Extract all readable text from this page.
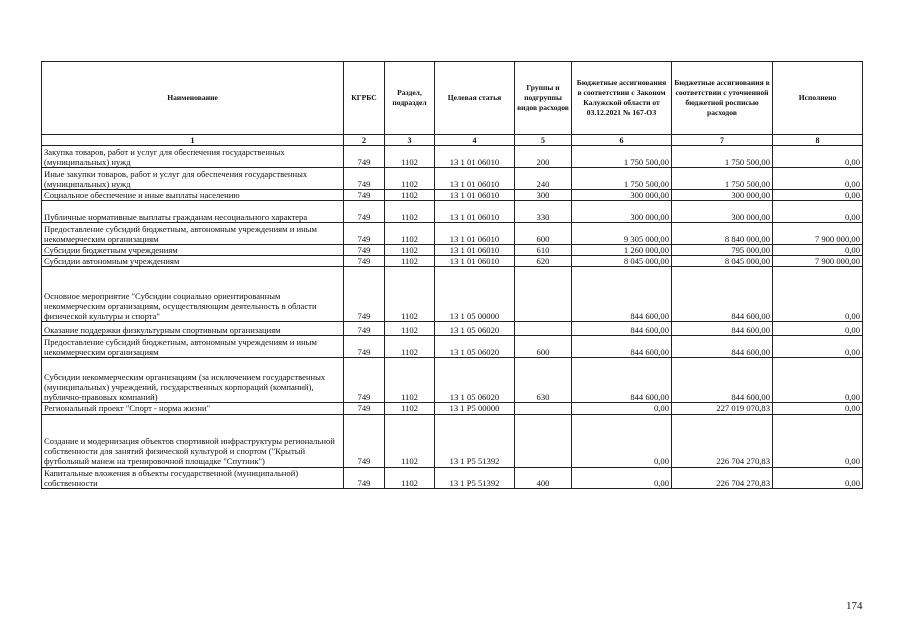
Наименование	КГРБС	Раздел, подраздел	Целевая статья	Группы и подгруппы видов расходов	Бюджетные ассигнования в соответствии с Законом Калужской области от 03.12.2021 № 167-ОЗ	Бюджетные ассигнования в соответствии с уточненной бюджетной росписью расходов	Исполнено
1	2	3	4	5	6	7	8
Закупка товаров, работ и услуг для обеспечения государственных (муниципальных) нужд	749	1102	13 1 01 06010	200	1 750 500,00	1 750 500,00	0,00
Иные закупки товаров, работ и услуг для обеспечения государственных (муниципальных) нужд	749	1102	13 1 01 06010	240	1 750 500,00	1 750 500,00	0,00
Социальное обеспечение и иные выплаты населению	749	1102	13 1 01 06010	300	300 000,00	300 000,00	0,00
Публичные нормативные выплаты гражданам несоциального характера	749	1102	13 1 01 06010	330	300 000,00	300 000,00	0,00
Предоставление субсидий бюджетным, автономным учреждениям и иным некоммерческим организациям	749	1102	13 1 01 06010	600	9 305 000,00	8 840 000,00	7 900 000,00
Субсидии бюджетным учреждениям	749	1102	13 1 01 06010	610	1 260 000,00	795 000,00	0,00
Субсидии автономным учреждениям	749	1102	13 1 01 06010	620	8 045 000,00	8 045 000,00	7 900 000,00
Основное мероприятие "Субсидии социально ориентированным некоммерческим организациям, осуществляющим деятельность в области физической культуры и спорта"	749	1102	13 1 05 00000		844 600,00	844 600,00	0,00
Оказание поддержки физкультурным спортивным организациям	749	1102	13 1 05 06020		844 600,00	844 600,00	0,00
Предоставление субсидий бюджетным, автономным учреждениям и иным некоммерческим организациям	749	1102	13 1 05 06020	600	844 600,00	844 600,00	0,00
Субсидии некоммерческим организациям (за исключением государственных (муниципальных) учреждений, государственных корпораций (компаний), публично-правовых компаний)	749	1102	13 1 05 06020	630	844 600,00	844 600,00	0,00
Региональный проект "Спорт - норма жизни"	749	1102	13 1 P5 00000		0,00	227 019 070,83	0,00
Создание и модернизация объектов спортивной инфраструктуры региональной собственности для занятий физической культурой и спортом ("Крытый футбольный манеж на тренировочной площадке "Спутник")	749	1102	13 1 P5 51392		0,00	226 704 270,83	0,00
Капитальные вложения в объекты государственной (муниципальной) собственности	749	1102	13 1 P5 51392	400	0,00	226 704 270,83	0,00
174
